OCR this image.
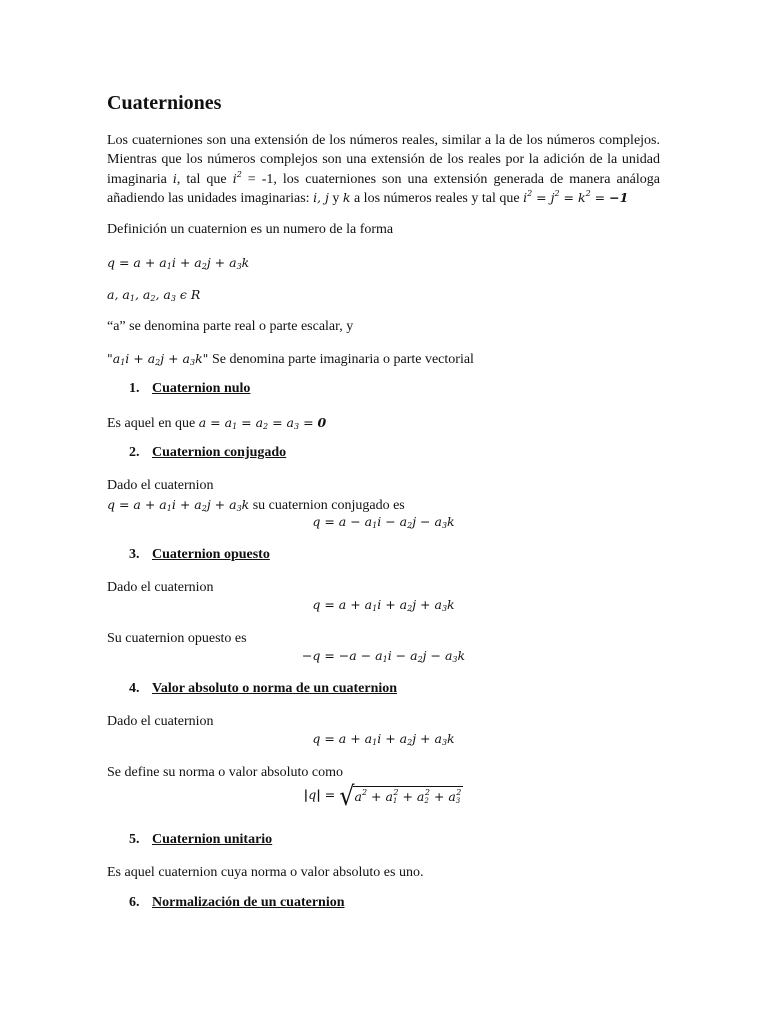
Cuaterniones
Los cuaterniones son una extensión de los números reales, similar a la de los números complejos.
Mientras que los números complejos son una extensión de los reales por la adición de la unidad
imaginaria i, tal que $i^2 = -1$, los cuaterniones son una extensión generada de manera análoga
añadiendo las unidades imaginarias: i, j y k a los números reales y tal que $i^2 = j^2 = k^2 = -1$
Definición un cuaternion es un numero de la forma
$q = a + a_1i + a_2j + a_3k$
a, $a_1$, $a_2$, $a_3$ ϵ R
“a” se denomina parte real o parte escalar, y
"$a_1i + a_2j + a_3k$" Se denomina parte imaginaria o parte vectorial
1. Cuaternion nulo
Es aquel en que $a = a_1 = a_2 = a_3 = 0$
2. Cuaternion conjugado
Dado el cuaternion
$q = a + a_1i + a_2j + a_3k$ su cuaternion conjugado es
$q = a - a_1i - a_2j - a_3k$
3. Cuaternion opuesto
Dado el cuaternion
$q = a + a_1i + a_2j + a_3k$
Su cuaternion opuesto es
$-q = -a - a_1i - a_2j - a_3k$
4. Valor absoluto o norma de un cuaternion
Dado el cuaternion
$q = a + a_1i + a_2j + a_3k$
Se define su norma o valor absoluto como
$|q| = √a^2 + a_1^2 + a_2^2 + a_3^2$
5. Cuaternion unitario
Es aquel cuaternion cuya norma o valor absoluto es uno.
6. Normalización de un cuaternion
